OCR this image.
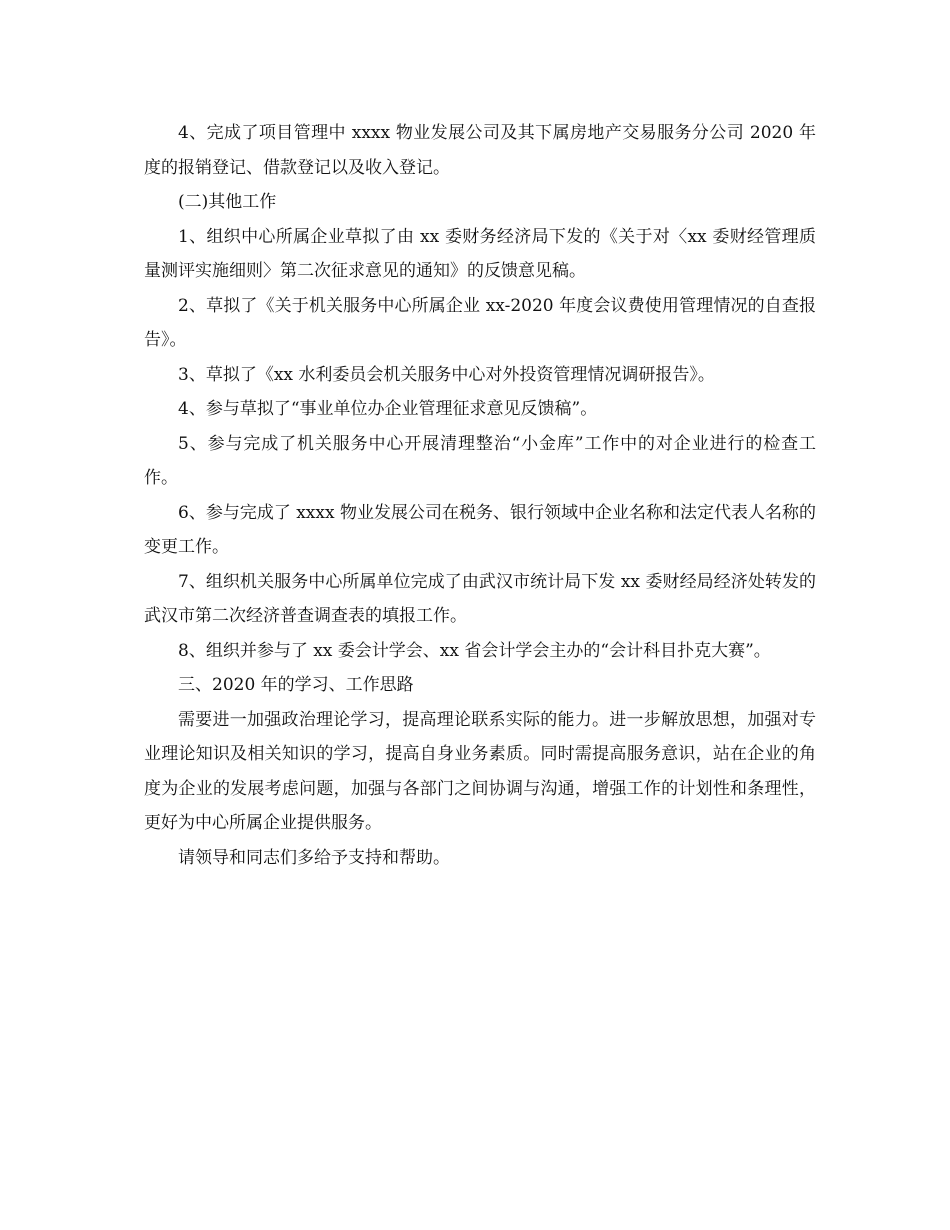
4、完成了项目管理中 xxxx 物业发展公司及其下属房地产交易服务分公司 2020 年度的报销登记、借款登记以及收入登记。

(二)其他工作

1、组织中心所属企业草拟了由 xx 委财务经济局下发的《关于对〈xx 委财经管理质量测评实施细则〉第二次征求意见的通知》的反馈意见稿。

2、草拟了《关于机关服务中心所属企业 xx-2020 年度会议费使用管理情况的自查报告》。

3、草拟了《xx 水利委员会机关服务中心对外投资管理情况调研报告》。

4、参与草拟了“事业单位办企业管理征求意见反馈稿”。

5、参与完成了机关服务中心开展清理整治“小金库”工作中的对企业进行的检查工作。

6、参与完成了 xxxx 物业发展公司在税务、银行领域中企业名称和法定代表人名称的变更工作。

7、组织机关服务中心所属单位完成了由武汉市统计局下发 xx 委财经局经济处转发的武汉市第二次经济普查调查表的填报工作。

8、组织并参与了 xx 委会计学会、xx 省会计学会主办的“会计科目扑克大赛”。

三、2020 年的学习、工作思路

需要进一加强政治理论学习，提高理论联系实际的能力。进一步解放思想，加强对专业理论知识及相关知识的学习，提高自身业务素质。同时需提高服务意识，站在企业的角度为企业的发展考虑问题，加强与各部门之间协调与沟通，增强工作的计划性和条理性，更好为中心所属企业提供服务。

请领导和同志们多给予支持和帮助。
